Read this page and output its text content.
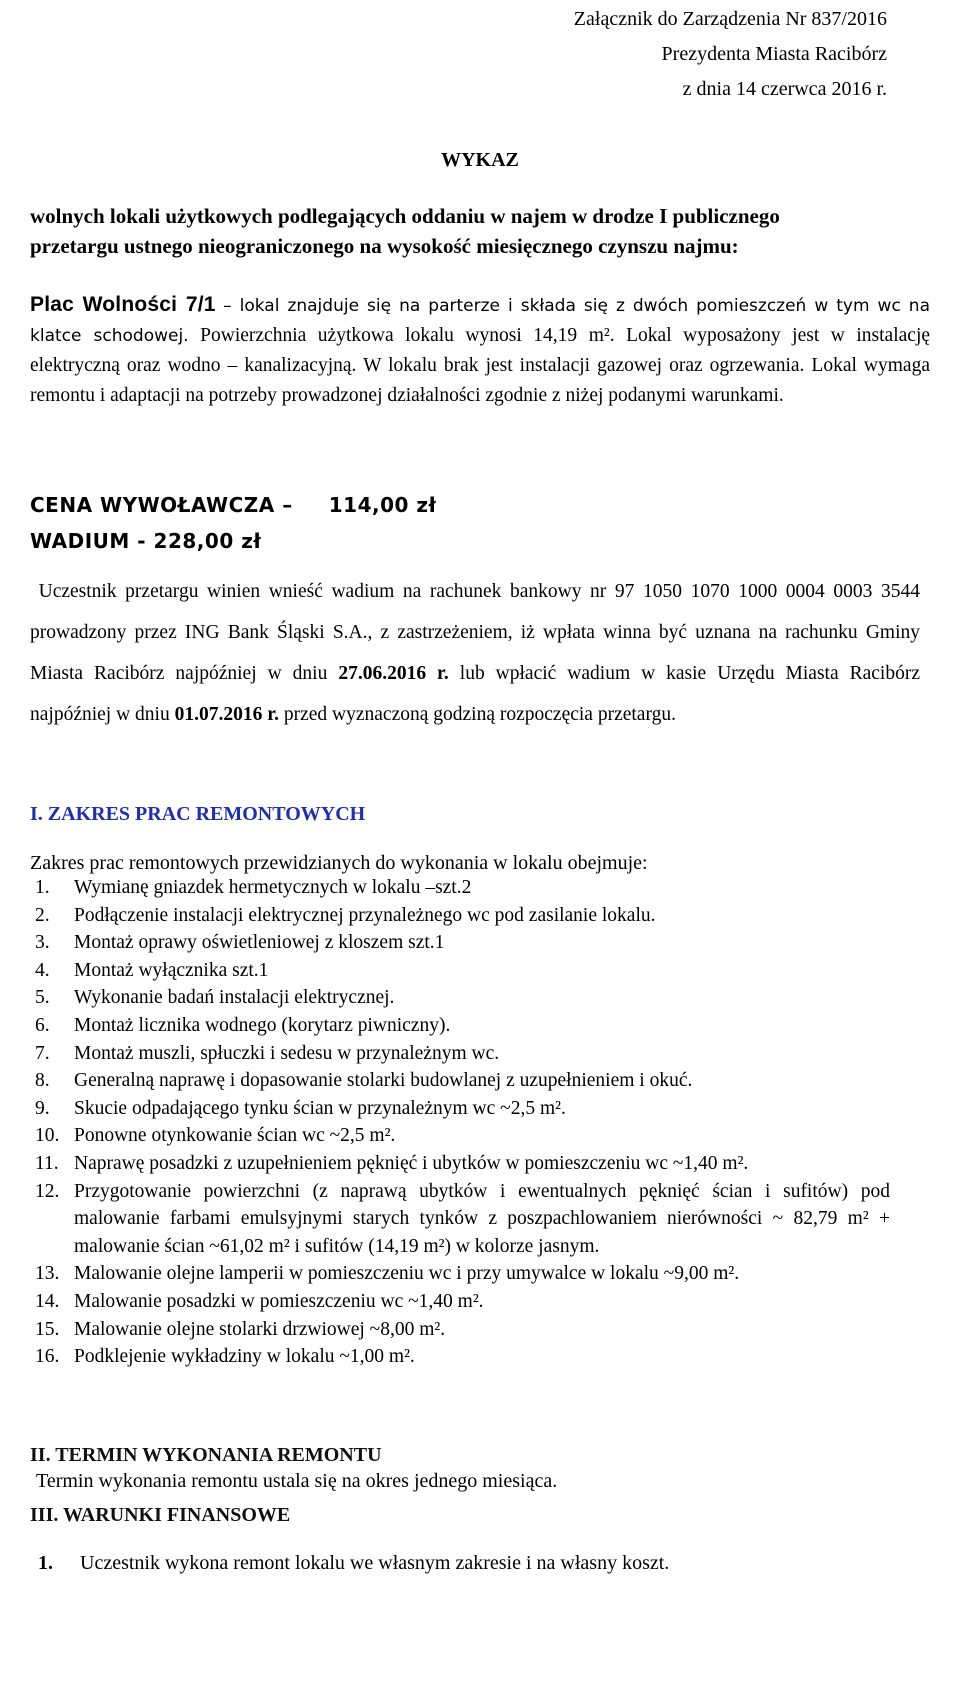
Załącznik do Zarządzenia Nr 837/2016
Prezydenta Miasta Racibórz
z dnia 14 czerwca 2016 r.
WYKAZ
wolnych lokali użytkowych podlegających oddaniu w najem w drodze I publicznego
przetargu ustnego nieograniczonego na wysokość miesięcznego czynszu najmu:
Plac Wolności 7/1 – lokal znajduje się na parterze i składa się z dwóch pomieszczeń w tym wc na klatce schodowej. Powierzchnia użytkowa lokalu wynosi 14,19 m². Lokal wyposażony jest w instalację elektryczną oraz wodno – kanalizacyjną. W lokalu brak jest instalacji gazowej oraz ogrzewania. Lokal wymaga remontu i adaptacji na potrzeby prowadzonej działalności zgodnie z niżej podanymi warunkami.
CENA WYWOŁAWCZA – 114,00 zł
WADIUM - 228,00 zł
Uczestnik przetargu winien wnieść wadium na rachunek bankowy nr 97 1050 1070 1000 0004 0003 3544 prowadzony przez ING Bank Śląski S.A., z zastrzeżeniem, iż wpłata winna być uznana na rachunku Gminy Miasta Racibórz najpóźniej w dniu 27.06.2016 r. lub wpłacić wadium w kasie Urzędu Miasta Racibórz najpóźniej w dniu 01.07.2016 r. przed wyznaczoną godziną rozpoczęcia przetargu.
I. ZAKRES PRAC REMONTOWYCH
Zakres prac remontowych przewidzianych do wykonania w lokalu obejmuje:
1.	Wymianę gniazdek hermetycznych w lokalu –szt.2
2.	Podłączenie instalacji elektrycznej przynależnego wc pod zasilanie lokalu.
3.	Montaż oprawy oświetleniowej z kloszem szt.1
4.	Montaż wyłącznika szt.1
5.	Wykonanie badań instalacji elektrycznej.
6.	Montaż licznika wodnego (korytarz piwniczny).
7.	Montaż muszli, spłuczki i sedesu w przynależnym wc.
8.	Generalną naprawę i dopasowanie stolarki budowlanej z uzupełnieniem i okuć.
9.	Skucie odpadającego tynku ścian w przynależnym wc ~2,5 m².
10. Ponowne otynkowanie ścian wc ~2,5 m².
11. Naprawę posadzki z uzupełnieniem pęknięć i ubytków w pomieszczeniu wc ~1,40 m².
12. Przygotowanie powierzchni (z naprawą ubytków i ewentualnych pęknięć ścian i sufitów) pod malowanie farbami emulsyjnymi starych tynków z poszpachlowaniem nierówności ~ 82,79 m² + malowanie ścian ~61,02 m² i sufitów (14,19 m²) w kolorze jasnym.
13. Malowanie olejne lamperii w pomieszczeniu wc i przy umywalce w lokalu ~9,00 m².
14. Malowanie posadzki w pomieszczeniu wc ~1,40 m².
15. Malowanie olejne stolarki drzwiowej ~8,00 m².
16. Podklejenie wykładziny w lokalu ~1,00 m².
II. TERMIN WYKONANIA REMONTU
Termin wykonania remontu ustala się na okres jednego miesiąca.
III. WARUNKI FINANSOWE
1.	Uczestnik wykona remont lokalu we własnym zakresie i na własny koszt.
